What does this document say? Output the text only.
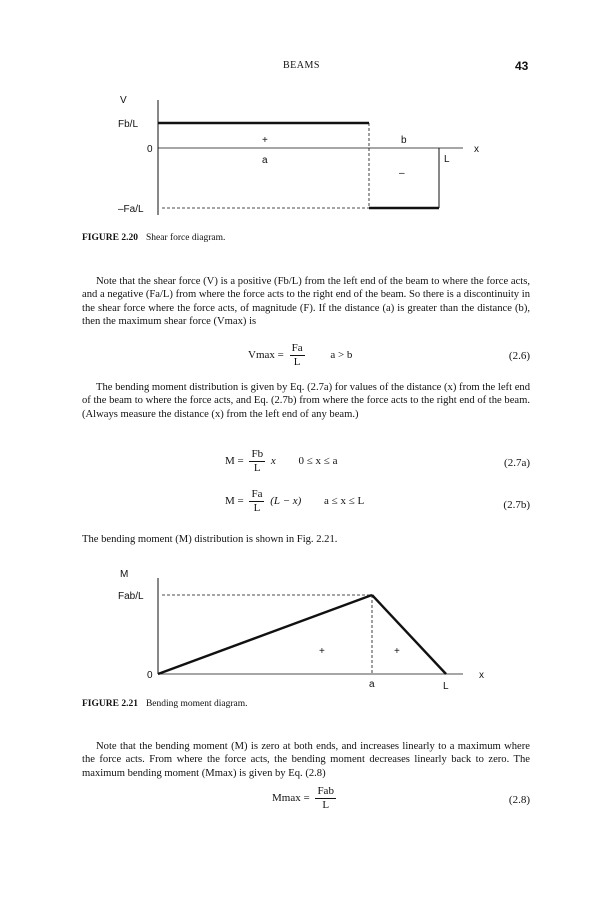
BEAMS	43
V
Fb/L
0
–Fa/L
x
+
a
b
–
L
FIGURE 2.20 Shear force diagram.

Note that the shear force (V) is a positive (Fb/L) from the left end of the beam to where the force acts, and a negative (Fa/L) from where the force acts to the right end of the beam. So there is a discontinuity in the shear force where the force acts, of magnitude (F). If the distance (a) is greater than the distance (b), then the maximum shear force (Vmax) is

$Vmax = \frac{Fa}{L}$ a > b	(2.6)

The bending moment distribution is given by Eq. (2.7a) for values of the distance (x) from the left end of the beam to where the force acts, and Eq. (2.7b) from where the force acts to the right end of the beam. (Always measure the distance (x) from the left end of any beam.)

$M = \frac{Fb}{L}$ x 0 ≤ x ≤ a	(2.7a)
$M = \frac{Fa}{L} (L - x) a \le x \le L$	(2.7b)
The bending moment (M) distribution is shown in Fig. 2.21.
M
Fab/L
0	x
+	+
a	L
FIGURE 2.21 Bending moment diagram.

Note that the bending moment (M) is zero at both ends, and increases linearly to a maximum where the force acts. From where the force acts, the bending moment decreases linearly back to zero. The maximum bending moment (Mmax) is given by Eq. (2.8)

$Mmax = \frac{\text{Fab}}{L}$	(2.8)
